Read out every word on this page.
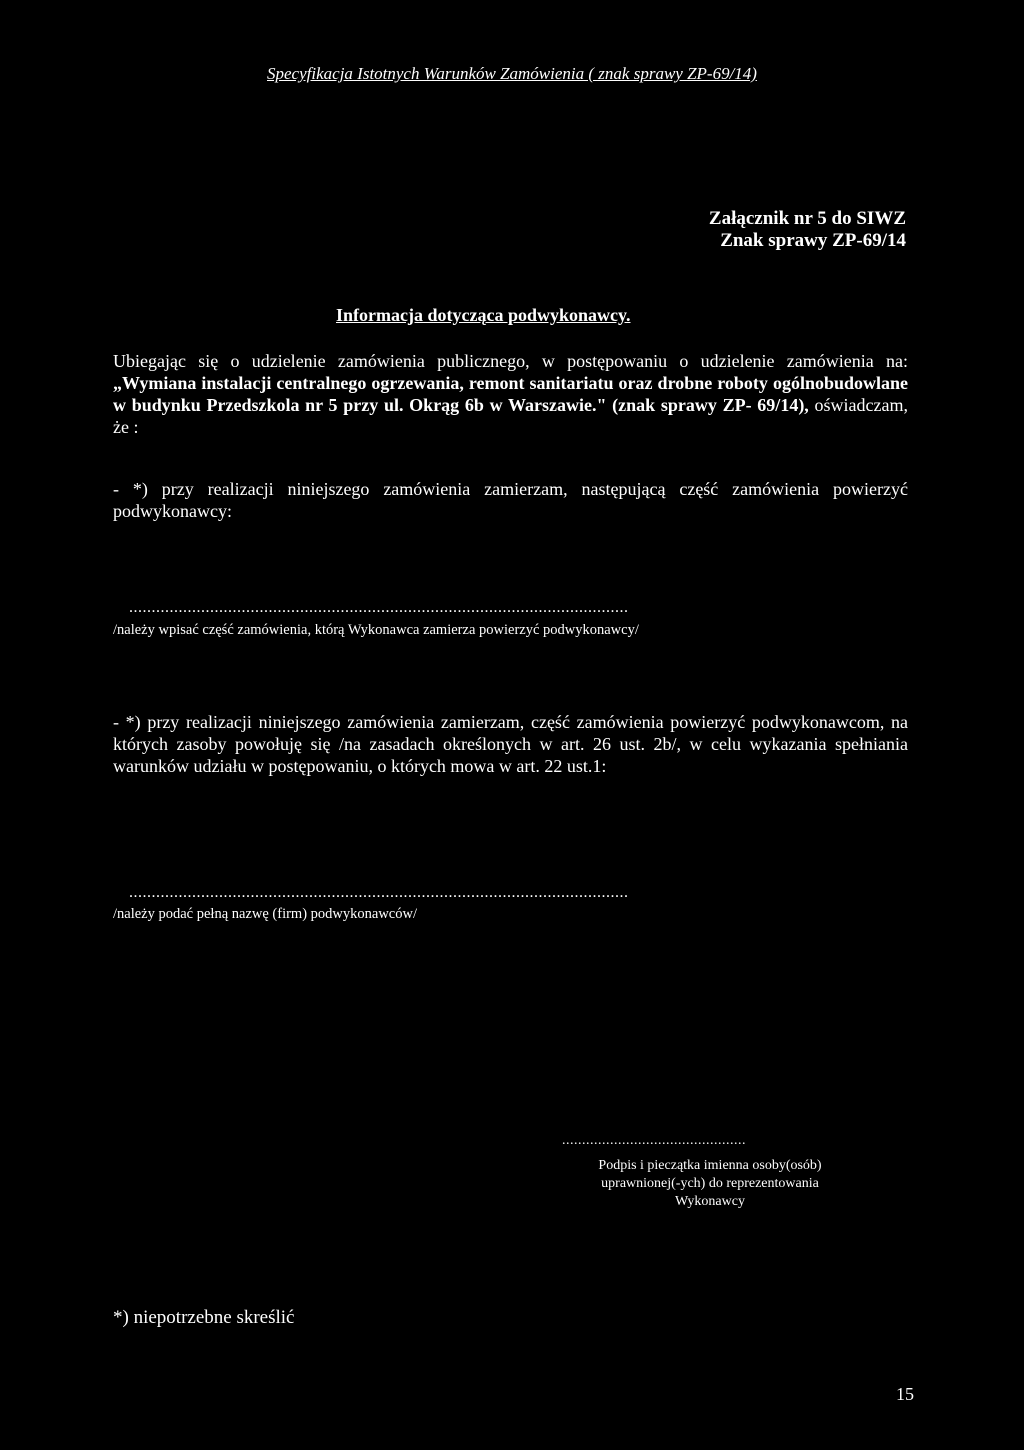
Specyfikacja Istotnych Warunków Zamówienia ( znak sprawy ZP-69/14)
Załącznik nr 5 do SIWZ
Znak sprawy ZP-69/14
Informacja dotycząca podwykonawcy.
Ubiegając się o udzielenie zamówienia publicznego, w postępowaniu o udzielenie zamówienia na: „Wymiana instalacji centralnego ogrzewania, remont sanitariatu oraz drobne roboty ogólnobudowlane w budynku Przedszkola nr 5 przy ul. Okrąg 6b w Warszawie." (znak sprawy ZP- 69/14), oświadczam, że :
- *) przy realizacji niniejszego zamówienia zamierzam, następującą część zamówienia powierzyć podwykonawcy:
...............................................................................................................
/należy wpisać część zamówienia, którą Wykonawca zamierza powierzyć podwykonawcy/
- *) przy realizacji niniejszego zamówienia zamierzam, część zamówienia powierzyć podwykonawcom, na których zasoby powołuję się /na zasadach określonych w art. 26 ust. 2b/, w celu wykazania spełniania warunków udziału w postępowaniu, o których mowa w art. 22 ust.1:
...............................................................................................................
/należy podać pełną nazwę (firm) podwykonawców/
..............................................
Podpis i pieczątka imienna osoby(osób)
uprawnionej(-ych) do reprezentowania
Wykonawcy
*) niepotrzebne skreślić
15
